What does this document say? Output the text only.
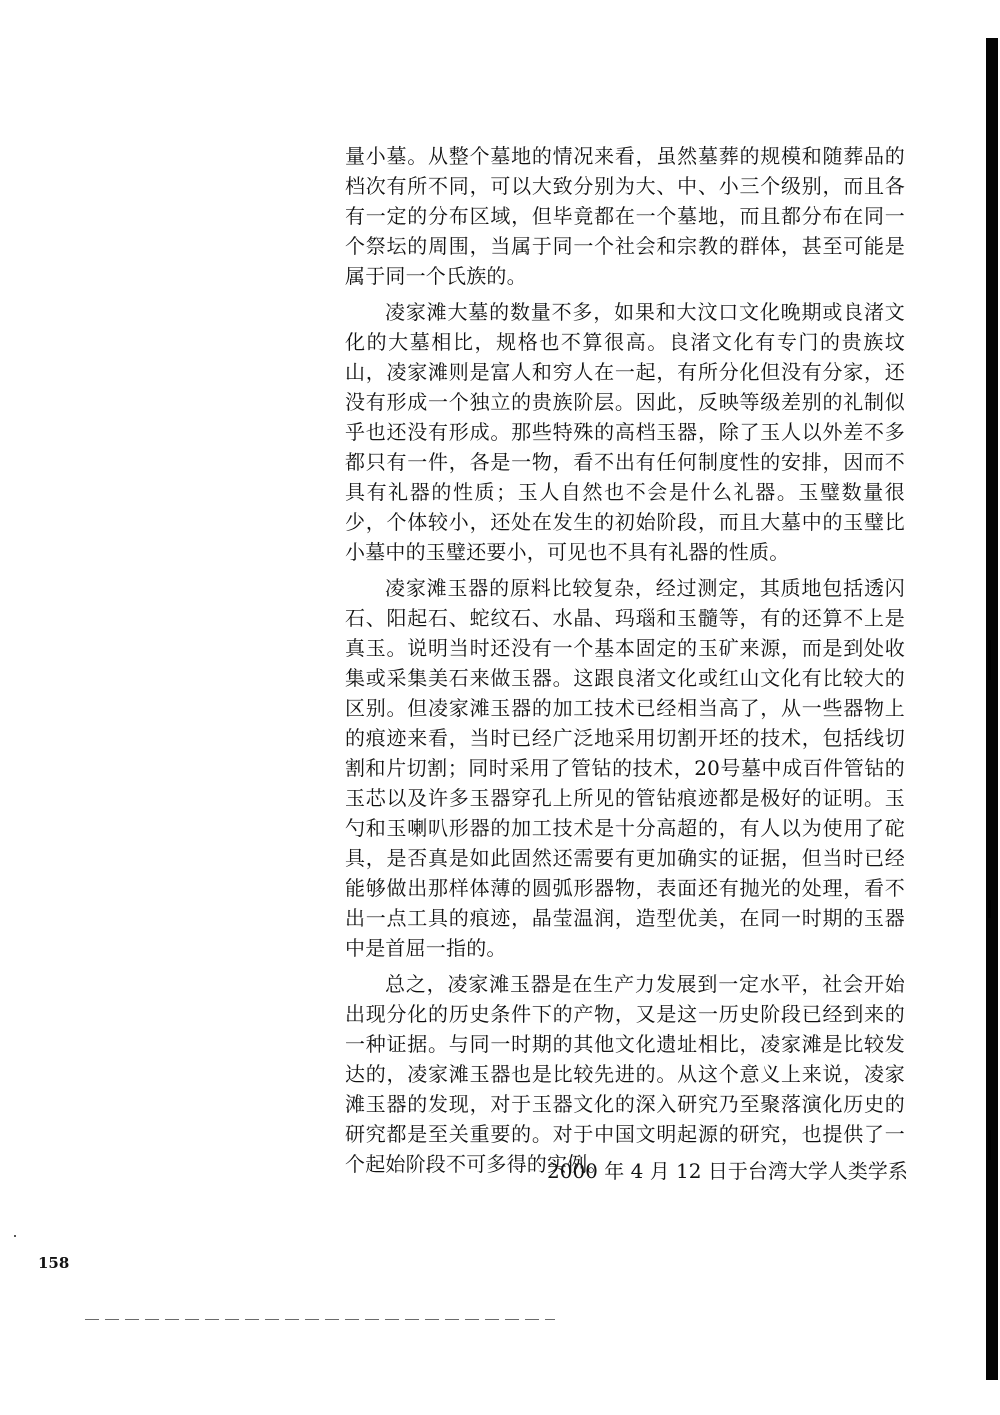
量小墓。从整个墓地的情况来看，虽然墓葬的规模和随葬品的档次有所不同，可以大致分别为大、中、小三个级别，而且各有一定的分布区域，但毕竟都在一个墓地，而且都分布在同一个祭坛的周围，当属于同一个社会和宗教的群体，甚至可能是属于同一个氏族的。

凌家滩大墓的数量不多，如果和大汶口文化晚期或良渚文化的大墓相比，规格也不算很高。良渚文化有专门的贵族坟山，凌家滩则是富人和穷人在一起，有所分化但没有分家，还没有形成一个独立的贵族阶层。因此，反映等级差别的礼制似乎也还没有形成。那些特殊的高档玉器，除了玉人以外差不多都只有一件，各是一物，看不出有任何制度性的安排，因而不具有礼器的性质；玉人自然也不会是什么礼器。玉璧数量很少，个体较小，还处在发生的初始阶段，而且大墓中的玉璧比小墓中的玉璧还要小，可见也不具有礼器的性质。

凌家滩玉器的原料比较复杂，经过测定，其质地包括透闪石、阳起石、蛇纹石、水晶、玛瑙和玉髓等，有的还算不上是真玉。说明当时还没有一个基本固定的玉矿来源，而是到处收集或采集美石来做玉器。这跟良渚文化或红山文化有比较大的区别。但凌家滩玉器的加工技术已经相当高了，从一些器物上的痕迹来看，当时已经广泛地采用切割开坯的技术，包括线切割和片切割；同时采用了管钻的技术，20号墓中成百件管钻的玉芯以及许多玉器穿孔上所见的管钻痕迹都是极好的证明。玉勺和玉喇叭形器的加工技术是十分高超的，有人以为使用了砣具，是否真是如此固然还需要有更加确实的证据，但当时已经能够做出那样体薄的圆弧形器物，表面还有抛光的处理，看不出一点工具的痕迹，晶莹温润，造型优美，在同一时期的玉器中是首屈一指的。

总之，凌家滩玉器是在生产力发展到一定水平，社会开始出现分化的历史条件下的产物，又是这一历史阶段已经到来的一种证据。与同一时期的其他文化遗址相比，凌家滩是比较发达的，凌家滩玉器也是比较先进的。从这个意义上来说，凌家滩玉器的发现，对于玉器文化的深入研究乃至聚落演化历史的研究都是至关重要的。对于中国文明起源的研究，也提供了一个起始阶段不可多得的实例。

2000 年 4 月 12 日于台湾大学人类学系
158
